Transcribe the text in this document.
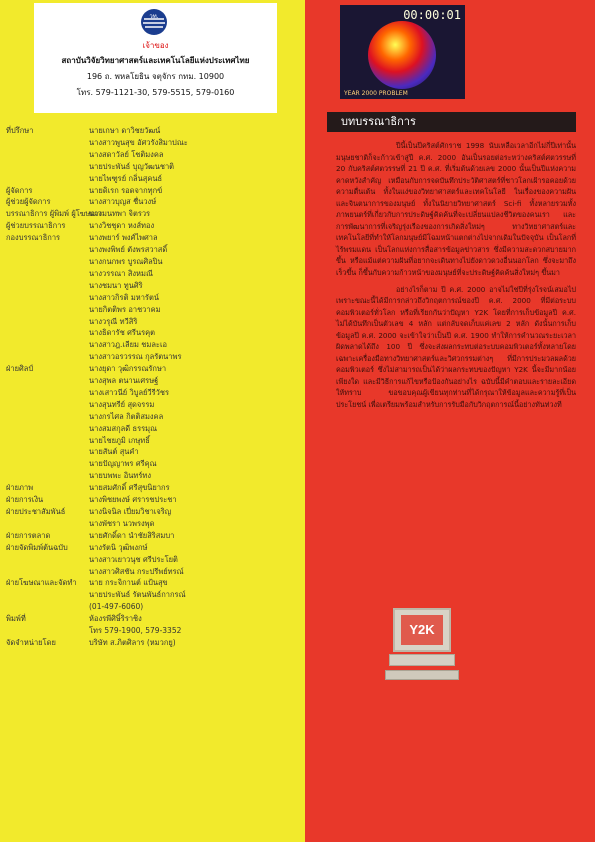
วท.
เจ้าของ
สถาบันวิจัยวิทยาศาสตร์และเทคโนโลยีแห่งประเทศไทย
196 ถ. พหลโยธิน จตุจักร กทม. 10900
โทร. 579-1121-30, 579-5515, 579-0160
ที่ปรึกษา	นายเกษา ดาวิชยวัฒน์
นางสาวพูนสุข อัศวรังสิมาปณะ
นางสดาวัลย์ โชติมงคล
นายประพันธ์ บุญวัฒนชาติ
นายไพฑูรย์ กลิ่นสุคนธ์
ผู้จัดการ	นายดิเรก รอดจากทุกข์
ผู้ช่วยผู้จัดการ	นางสาวบุญส ชื่นวงษ์
บรรณาธิการ ผู้พิมพ์ ผู้โฆษณา
นางมนทพา จิตรวร
ผู้ช่วยบรรณาธิการ	นางวิชชุดา หงส์ทอง
กองบรรณาธิการ	นางพยาร์ พงศ์ไพศาล
นางพงพิพย์ ตังพรสวาสดิ์
นางกนกพร บูรณศิลปิน
นางวรรณา สิงหมณี
นางชมนา ทูนศิริ
นางสาวกิรติ มหารัตน์
นายกิตติพร อาชวาคม
นางวรุณี ทวีสิริ
นางธิดารัช ศรีนรคุต
นางสาวฎ.เลียม ชมละเอ
นางสาวอรวรรณ กุลรัตนาพร
ฝ่ายศิลป์	นางยุดา วุฒิกรรณรักษา
นางสุพล ตนานเศรษฐ์
นางเสาวนีย์ วิบูลย์วีรีวัชร
นางสุนทรีย์ สุดจรรม
นางกรไศล กิตติสมงคล
นางสมสกุลดี ธรรมุณ
นายไชยภูมิ เกษุทธิ์
นายสันต์ สุนคำ
นายปัญญาพร ศรีคุณ
นายบพพะ อินทร์ทง
ฝ่ายภาพ	นายสมศักดิ์ ศรีสุขนิยากร
ฝ่ายการเงิน	นางพิชยพงษ์ ศรารชประชา
ฝ่ายประชาสัมพันธ์	นางนิจนิล เปี่ยมวิชาเจริญ
นางพัชรา นวพรงพุด
ฝ่ายการตลาด	นายศักดิ์ดา นำชัยสิริสมบา
ฝ่ายจัดพิมพ์ต้นฉบับ	นางรัตนิ วุฒิพงกษ์
นางสาวเยาวนุช ศรีประโยติ
นางสาวศิสชัน กระปรีพย์ทรณ์
ฝ่ายโฆษณาและจัดทำ	นาย กระจิกานต์ แป้นสุข
นายประพันธ์ รัตนพันธ์กากรณ์
(01-497-6060)
พิมพ์ที่	ห้องรพีศิษิ์ริราชิง
โทร 579-1900, 579-3352
จัดจำหน่ายโดย	บริษัท ส.ภิตศิลาร (หมวกยู)
00:00:01
YEAR 2000 PROBLEM
บทบรรณาธิการ

ปีนี้เป็นปีคริสต์ศักราช 1998 นับเหลือเวลาอีกไม่กี่ปีเท่านั้น มนุษยชาติก็จะก้าวเข้าสู่ปี ค.ศ. 2000 อันเป็นรอยต่อระหว่างคริสต์ศตวรรษที่ 20 กับคริสต์ศตวรรษที่ 21 ปี ค.ศ. ที่เริ่มต้นด้วยเลข 2000 นั้นเป็นปีแห่งความคาดหวังสำคัญ เหมือนกับการจดบันทึกประวัติศาสตร์ที่ชาวโลกเฝ้ารอคอยด้วยความตื่นเต้น ทั้งในแง่ของวิทยาศาสตร์และเทคโนโลยี ในเรื่องของความฝันและจินตนาการของมนุษย์ ทั้งในนิยายวิทยาศาสตร์ Sci-fi ทั้งหลายรวมทั้งภาพยนตร์ที่เกี่ยวกับการประดิษฐ์คิดค้นที่จะเปลี่ยนแปลงชีวิตของคนเรา และการพัฒนาการที่เจริญรุ่งเรืองของการเกิดสิ่งใหม่ๆ ทางวิทยาศาสตร์และเทคโนโลยีที่ทำให้โลกมนุษย์มีโฉมหน้าแตกต่างไปจากเดิมในปัจจุบัน เป็นโลกที่ไร้พรมแดน เป็นโลกแห่งการสื่อสารข้อมูลข่าวสาร ซึ่งมีความสะดวกสบายมากขึ้น หรือแม้แต่ความฝันที่อยากจะเดินทางไปยังดาวดวงอื่นนอกโลก ซึ่งจะมาถึงเร็วขึ้น ก็ขึ้นกับความก้าวหน้าของมนุษย์ที่จะประดิษฐ์คิดค้นสิ่งใหม่ๆ ขึ้นมา

อย่างไรก็ตาม ปี ค.ศ. 2000 อาจไม่ใช่ปีที่รุ่งโรจน์เสมอไป เพราะขณะนี้ได้มีการกล่าวถึงวิกฤตการณ์ของปี ค.ศ. 2000 ที่มีต่อระบบคอมพิวเตอร์ทั่วโลก หรือที่เรียกกันว่าปัญหา Y2K โดยที่การเก็บข้อมูลปี ค.ศ. ไม่ได้บันทึกเป็นตัวเลข 4 หลัก แต่กลับจดเก็บแค่เลข 2 หลัก ดังนั้นการเก็บข้อมูลปี ค.ศ. 2000 จะเข้าใจว่าเป็นปี ค.ศ. 1900 ทำให้การคำนวณระยะเวลาผิดพลาดได้ถึง 100 ปี ซึ่งจะส่งผลกระทบต่อระบบคอมพิวเตอร์ทั้งหลายโดยเฉพาะเครื่องมือทางวิทยาศาสตร์และวิศวกรรมต่างๆ ที่มีการประมวลผลด้วยคอมพิวเตอร์ ซึ่งไม่สามารถเป็นได้ว่าผลกระทบของปัญหา Y2K นี้จะมีมากน้อยเพียงใด และมีวิธีการแก้ไขหรือป้องกันอย่างไร ฉบับนี้มีคำตอบและรายละเอียดให้ทราบ ขอขอบคุณผู้เขียนทุกท่านที่ได้กรุณาให้ข้อมูลและความรู้ที่เป็นประโยชน์ เพื่อเตรียมพร้อมสำหรับการรับมือกับวิกฤตการณ์นี้อย่างทันท่วงที

Y2K
